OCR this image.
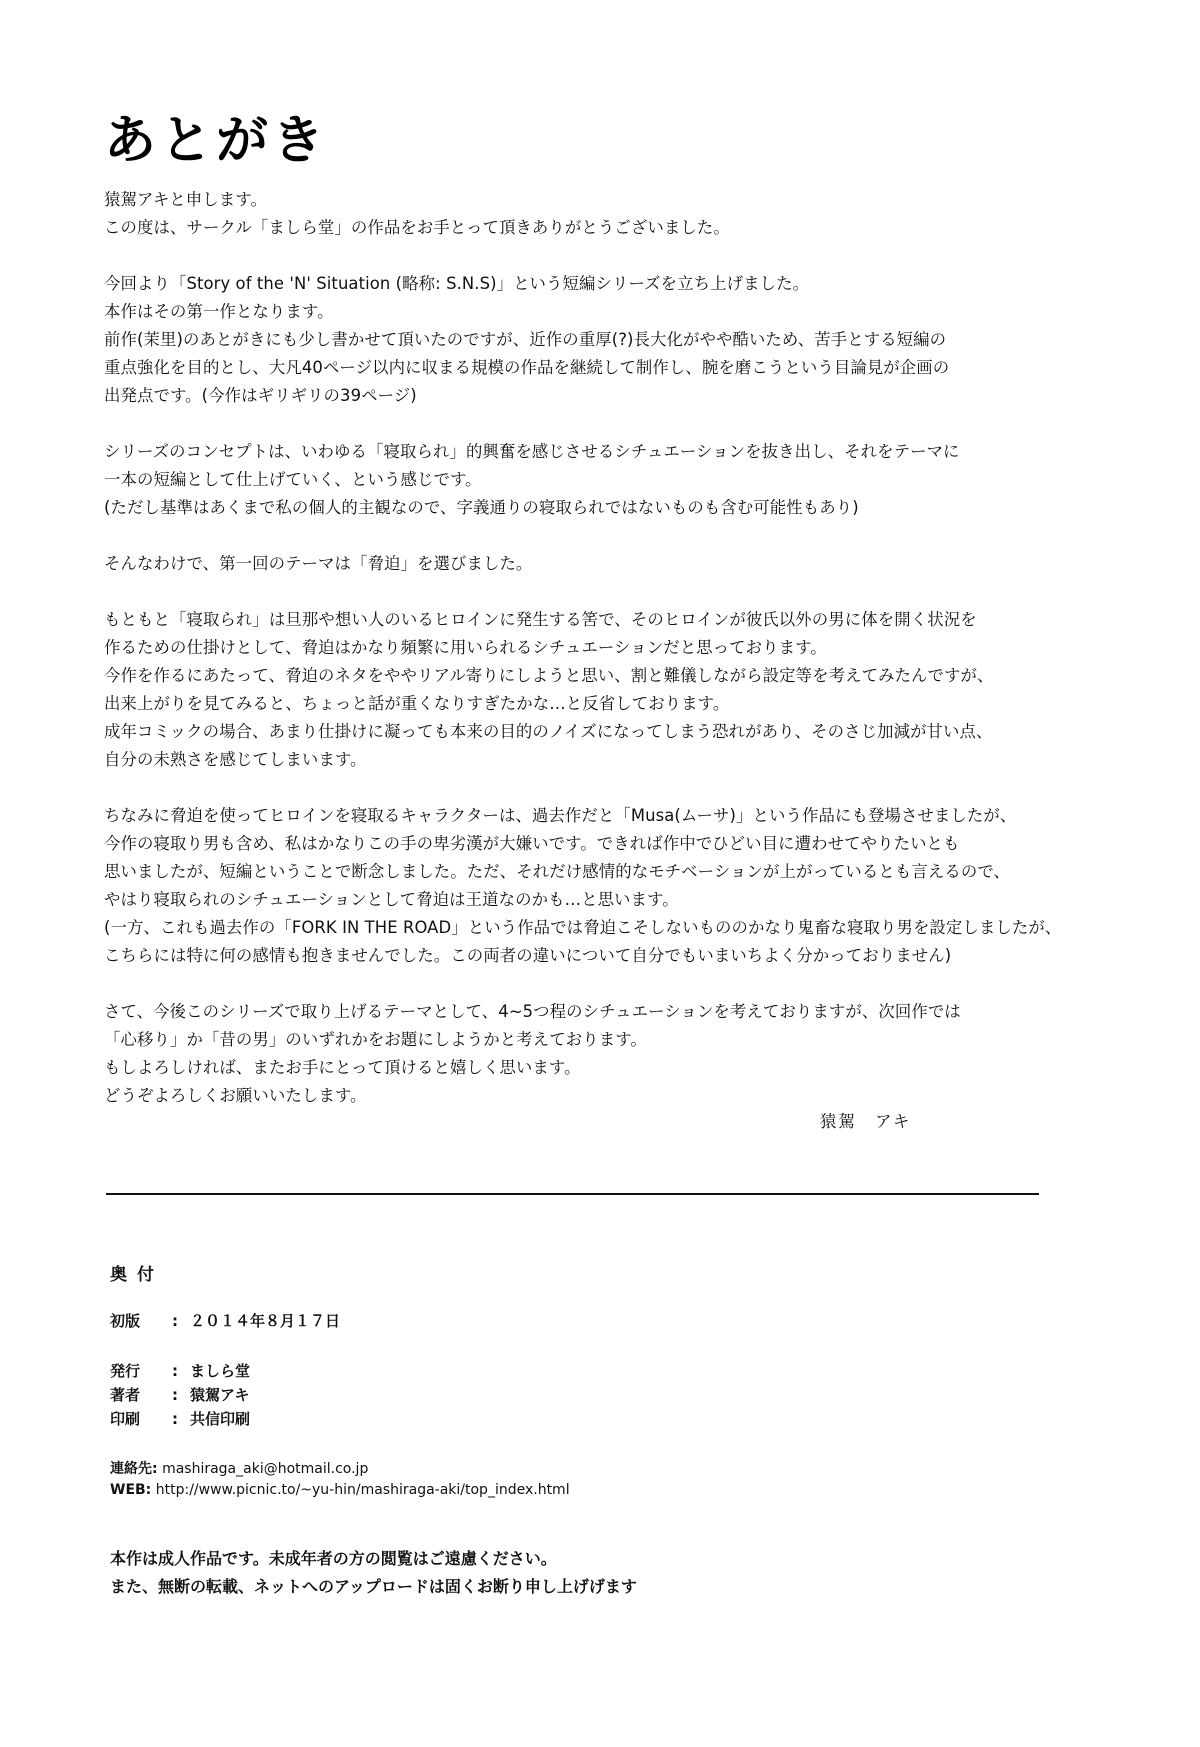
あとがき
猿駕アキと申します。
この度は、サークル「ましら堂」の作品をお手とって頂きありがとうございました。
今回より「Story of the 'N' Situation (略称: S.N.S)」という短編シリーズを立ち上げました。
本作はその第一作となります。
前作(茉里)のあとがきにも少し書かせて頂いたのですが、近作の重厚(?)長大化がやや酷いため、苦手とする短編の
重点強化を目的とし、大凡40ページ以内に収まる規模の作品を継続して制作し、腕を磨こうという目論見が企画の
出発点です。(今作はギリギリの39ページ)
シリーズのコンセプトは、いわゆる「寝取られ」的興奮を感じさせるシチュエーションを抜き出し、それをテーマに
一本の短編として仕上げていく、という感じです。
(ただし基準はあくまで私の個人的主観なので、字義通りの寝取られではないものも含む可能性もあり)
そんなわけで、第一回のテーマは「脅迫」を選びました。
もともと「寝取られ」は旦那や想い人のいるヒロインに発生する筈で、そのヒロインが彼氏以外の男に体を開く状況を
作るための仕掛けとして、脅迫はかなり頻繁に用いられるシチュエーションだと思っております。
今作を作るにあたって、脅迫のネタをややリアル寄りにしようと思い、割と難儀しながら設定等を考えてみたんですが、
出来上がりを見てみると、ちょっと話が重くなりすぎたかな…と反省しております。
成年コミックの場合、あまり仕掛けに凝っても本来の目的のノイズになってしまう恐れがあり、そのさじ加減が甘い点、
自分の未熟さを感じてしまいます。
ちなみに脅迫を使ってヒロインを寝取るキャラクターは、過去作だと「Musa(ムーサ)」という作品にも登場させましたが、
今作の寝取り男も含め、私はかなりこの手の卑劣漢が大嫌いです。できれば作中でひどい目に遭わせてやりたいとも
思いましたが、短編ということで断念しました。ただ、それだけ感情的なモチベーションが上がっているとも言えるので、
やはり寝取られのシチュエーションとして脅迫は王道なのかも…と思います。
(一方、これも過去作の「FORK IN THE ROAD」という作品では脅迫こそしないもののかなり鬼畜な寝取り男を設定しましたが、
こちらには特に何の感情も抱きませんでした。この両者の違いについて自分でもいまいちよく分かっておりません)
さて、今後このシリーズで取り上げるテーマとして、4~5つ程のシチュエーションを考えておりますが、次回作では
「心移り」か「昔の男」のいずれかをお題にしようかと考えております。
もしよろしければ、またお手にとって頂けると嬉しく思います。
どうぞよろしくお願いいたします。
猿駕　アキ
奥付
初版 : ２０１４年８月１７日
発行 : ましら堂
著者 : 猿駕アキ
印刷 : 共信印刷
連絡先: mashiraga_aki@hotmail.co.jp
WEB: http://www.picnic.to/~yu-hin/mashiraga-aki/top_index.html
本作は成人作品です。未成年者の方の閲覧はご遠慮ください。
また、無断の転載、ネットへのアップロードは固くお断り申し上げげます
